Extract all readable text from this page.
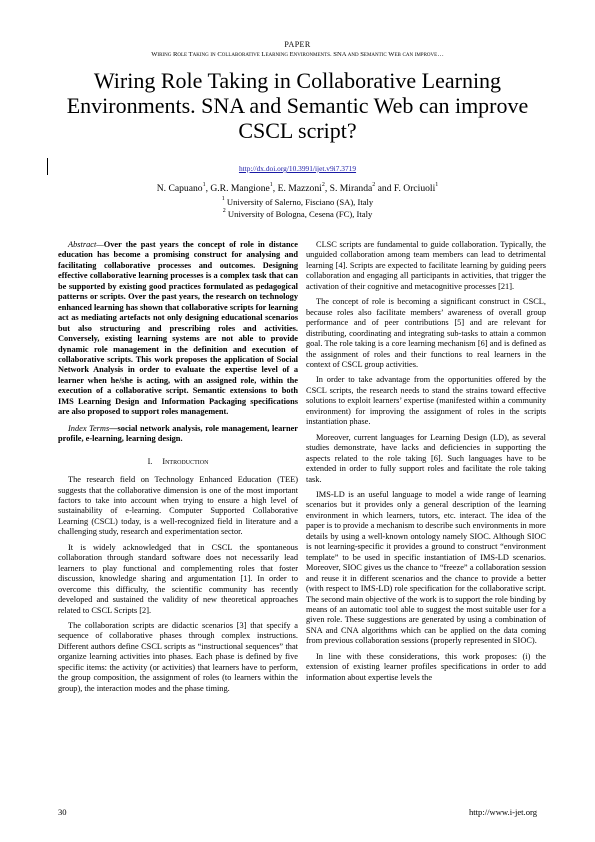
PAPER
Wiring Role Taking in Collaborative Learning Environments. SNA and Semantic Web can improve…
Wiring Role Taking in Collaborative Learning Environments. SNA and Semantic Web can improve CSCL script?
http://dx.doi.org/10.3991/ijet.v9i7.3719
N. Capuano$^1$, G.R. Mangione$^1$, E. Mazzoni$^2$, S. Miranda$^2$ and F. Orciuoli$^1$
$^1$ University of Salerno, Fisciano (SA), Italy
$^2$ University of Bologna, Cesena (FC), Italy

Abstract—Over the past years the concept of role in distance education has become a promising construct for analysing and facilitating collaborative processes and outcomes. Designing effective collaborative learning processes is a complex task that can be supported by existing good practices formulated as pedagogical patterns or scripts. Over the past years, the research on technology enhanced learning has shown that collaborative scripts for learning act as mediating artefacts not only designing educational scenarios but also structuring and prescribing roles and activities. Conversely, existing learning systems are not able to provide dynamic role management in the definition and execution of collaborative scripts. This work proposes the application of Social Network Analysis in order to evaluate the expertise level of a learner when he/she is acting, with an assigned role, within the execution of a collaborative script. Semantic extensions to both IMS Learning Design and Information Packaging specifications are also proposed to support roles management.

Index Terms—social network analysis, role management, learner profile, e-learning, learning design.

I. Introduction

The research field on Technology Enhanced Education (TEE) suggests that the collaborative dimension is one of the most important factors to take into account when trying to ensure a high level of sustainability of e-learning. Computer Supported Collaborative Learning (CSCL) today, is a well-recognized field in literature and a challenging study, research and experimentation sector.

It is widely acknowledged that in CSCL the spontaneous collaboration through standard software does not necessarily lead learners to play functional and complementing roles that foster discussion, knowledge sharing and argumentation [1]. In order to overcome this difficulty, the scientific community has recently developed and sustained the validity of new theoretical approaches related to CSCL Scripts [2].

The collaboration scripts are didactic scenarios [3] that specify a sequence of collaborative phases through complex instructions. Different authors define CSCL scripts as “instructional sequences” that organize learning activities into phases. Each phase is defined by five specific items: the activity (or activities) that learners have to perform, the group composition, the assignment of roles (to learners within the group), the interaction modes and the phase timing.

CLSC scripts are fundamental to guide collaboration. Typically, the unguided collaboration among team members can lead to detrimental learning [4]. Scripts are expected to facilitate learning by guiding peers collaboration and engaging all participants in activities, that trigger the activation of their cognitive and metacognitive processes [21].

The concept of role is becoming a significant construct in CSCL, because roles also facilitate members’ awareness of overall group performance and of peer contributions [5] and are relevant for distributing, coordinating and integrating sub-tasks to attain a common goal. The role taking is a core learning mechanism [6] and is defined as the assignment of roles and their functions to real learners in the context of CSCL group activities.

In order to take advantage from the opportunities offered by the CSCL scripts, the research needs to stand the strains toward effective solutions to exploit learners’ expertise (manifested within a community environment) for improving the assignment of roles in the scripts instantiation phase.

Moreover, current languages for Learning Design (LD), as several studies demonstrate, have lacks and deficiencies in supporting the aspects related to the role taking [6]. Such languages have to be extended in order to fully support roles and facilitate the role taking task.

IMS-LD is an useful language to model a wide range of learning scenarios but it provides only a general description of the learning environment in which learners, tutors, etc. interact. The idea of the paper is to provide a mechanism to describe such environments in more details by using a well-known ontology namely SIOC. Although SIOC is not learning-specific it provides a ground to construct “environment template” to be used in specific instantiation of IMS-LD scenarios. Moreover, SIOC gives us the chance to “freeze” a collaboration session and reuse it in different scenarios and the chance to provide a better (with respect to IMS-LD) role specification for the collaborative script. The second main objective of the work is to support the role binding by means of an automatic tool able to suggest the most suitable user for a given role. These suggestions are generated by using a combination of SNA and CNA algorithms which can be applied on the data coming from previous collaboration sessions (properly represented in SIOC).

In line with these considerations, this work proposes: (i) the extension of existing learner profiles specifications in order to add information about expertise levels the

30	http://www.i-jet.org
